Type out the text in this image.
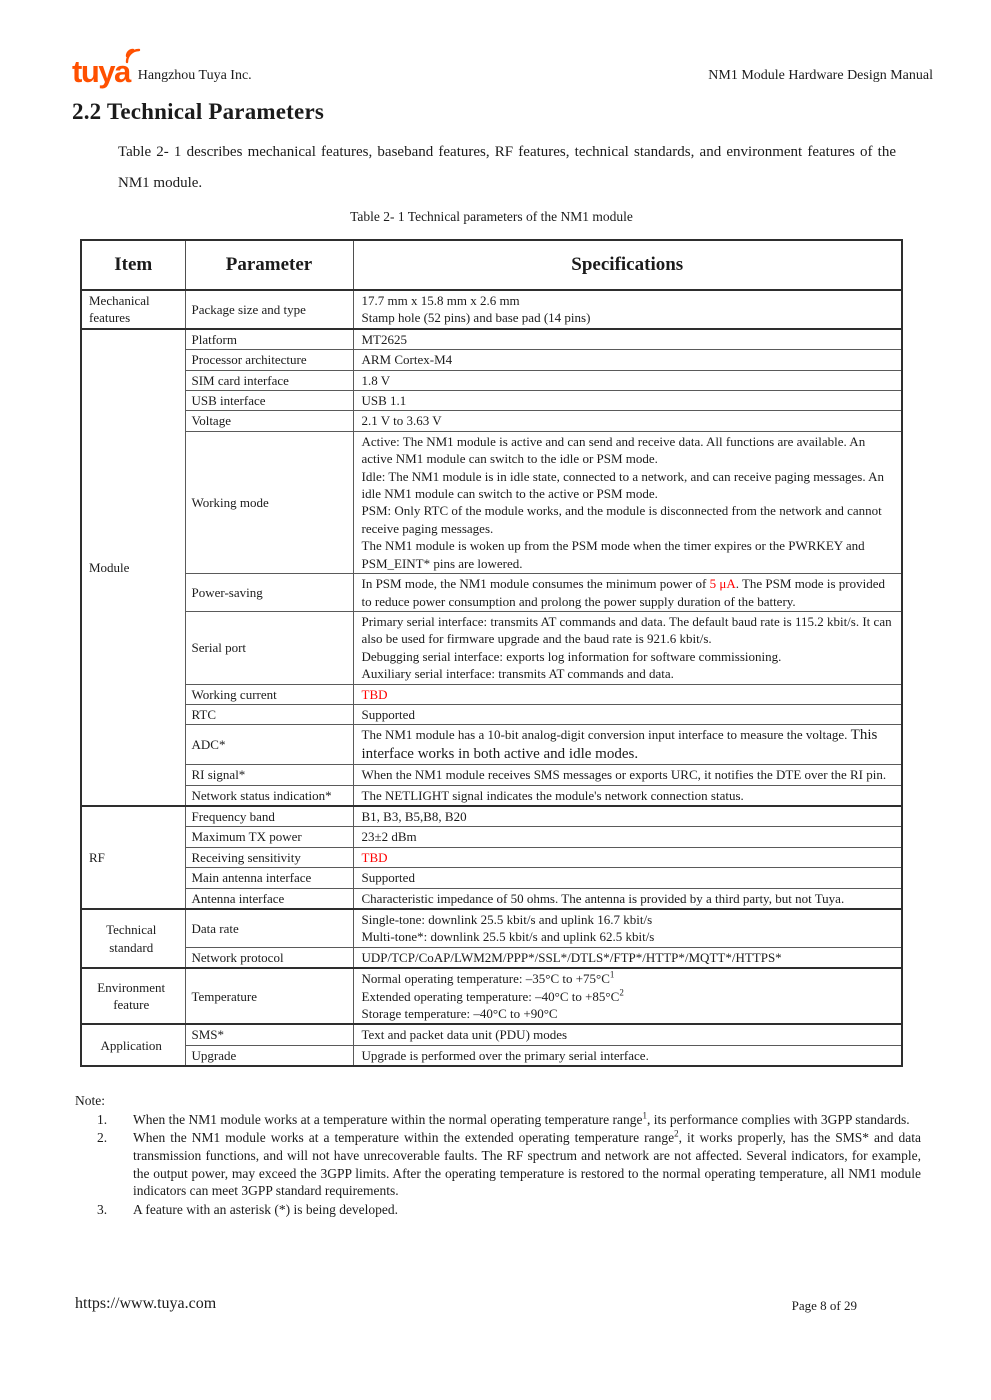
tuya Hangzhou Tuya Inc.	NM1 Module Hardware Design Manual
2.2 Technical Parameters

Table 2- 1 describes mechanical features, baseband features, RF features, technical standards, and environment features of the NM1 module.

Table 2- 1 Technical parameters of the NM1 module
Item	Parameter	Specifications
Mechanical features	Package size and type	17.7 mm x 15.8 mm x 2.6 mm
Stamp hole (52 pins) and base pad (14 pins)

Module	Platform	MT2625

	Processor architecture	ARM Cortex-M4

	SIM card interface	1.8 V

	USB interface	USB 1.1

	Voltage	2.1 V to 3.63 V

	Working mode	Active: The NM1 module is active and can send and receive data. All functions are available. An active NM1 module can switch to the idle or PSM mode.
Idle: The NM1 module is in idle state, connected to a network, and can receive paging messages. An idle NM1 module can switch to the active or PSM mode.
PSM: Only RTC of the module works, and the module is disconnected from the network and cannot receive paging messages.
The NM1 module is woken up from the PSM mode when the timer expires or the PWRKEY and PSM_EINT* pins are lowered.

	Power-saving	In PSM mode, the NM1 module consumes the minimum power of 5 μA. The PSM mode is provided to reduce power consumption and prolong the power supply duration of the battery.

	Serial port	Primary serial interface: transmits AT commands and data. The default baud rate is 115.2 kbit/s. It can also be used for firmware upgrade and the baud rate is 921.6 kbit/s.
Debugging serial interface: exports log information for software commissioning.
Auxiliary serial interface: transmits AT commands and data.

	Working current	TBD

	RTC	Supported

	ADC*	The NM1 module has a 10-bit analog-digit conversion input interface to measure the voltage. This interface works in both active and idle modes.

	RI signal*	When the NM1 module receives SMS messages or exports URC, it notifies the DTE over the RI pin.

	Network status indication*	The NETLIGHT signal indicates the module's network connection status.

RF	Frequency band	B1, B3, B5,B8, B20

	Maximum TX power	23±2 dBm

	Receiving sensitivity	TBD

	Main antenna interface	Supported

	Antenna interface	Characteristic impedance of 50 ohms. The antenna is provided by a third party, but not Tuya.

Technical standard	Data rate	Single-tone: downlink 25.5 kbit/s and uplink 16.7 kbit/s
Multi-tone*: downlink 25.5 kbit/s and uplink 62.5 kbit/s

	Network protocol	UDP/TCP/CoAP/LWM2M/PPP*/SSL*/DTLS*/FTP*/HTTP*/MQTT*/HTTPS*

Environment feature	Temperature	Normal operating temperature: –35°C to $+75^\circ C^1$
Extended operating temperature: –40°C to $+85^\circ C^2$
Storage temperature: –40°C to +90°C

Application	SMS*	Text and packet data unit (PDU) modes

	Upgrade	Upgrade is performed over the primary serial interface.
Note:
When the NM1 module works at a temperature within the normal operating temperature range$^1$, its performance complies with 3GPP standards.
When the NM1 module works at a temperature within the extended operating temperature range$^2$, it works properly, has the SMS* and data transmission functions, and will not have unrecoverable faults. The RF spectrum and network are not affected. Several indicators, for example, the output power, may exceed the 3GPP limits. After the operating temperature is restored to the normal operating temperature, all NM1 module indicators can meet 3GPP standard requirements.
A feature with an asterisk (*) is being developed.
https://www.tuya.com	Page 8 of 29
